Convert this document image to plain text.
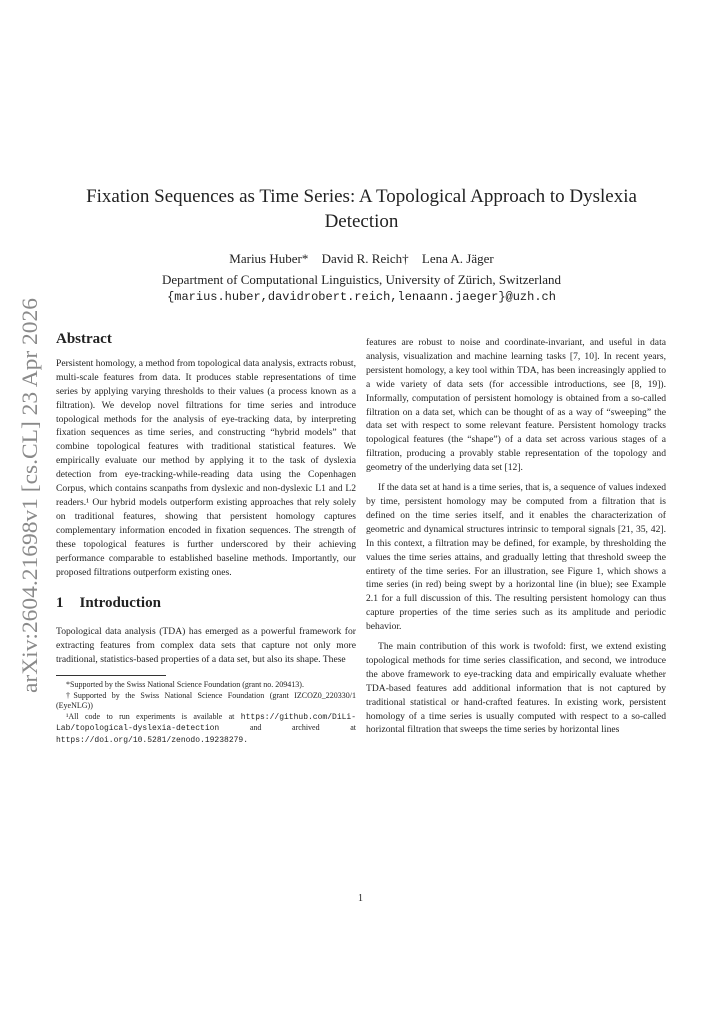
arXiv:2604.21698v1 [cs.CL] 23 Apr 2026
Fixation Sequences as Time Series: A Topological Approach to Dyslexia Detection
Marius Huber* David R. Reich† Lena A. Jäger
Department of Computational Linguistics, University of Zürich, Switzerland
{marius.huber,davidrobert.reich,lenaann.jaeger}@uzh.ch
Abstract

Persistent homology, a method from topological data analysis, extracts robust, multi-scale features from data. It produces stable representations of time series by applying varying thresholds to their values (a process known as a filtration). We develop novel filtrations for time series and introduce topological methods for the analysis of eye-tracking data, by interpreting fixation sequences as time series, and constructing “hybrid models” that combine topological features with traditional statistical features. We empirically evaluate our method by applying it to the task of dyslexia detection from eye-tracking-while-reading data using the Copenhagen Corpus, which contains scanpaths from dyslexic and non-dyslexic L1 and L2 readers.¹ Our hybrid models outperform existing approaches that rely solely on traditional features, showing that persistent homology captures complementary information encoded in fixation sequences. The strength of these topological features is further underscored by their achieving performance comparable to established baseline methods. Importantly, our proposed filtrations outperform existing ones.

1 Introduction

Topological data analysis (TDA) has emerged as a powerful framework for extracting features from complex data sets that capture not only more traditional, statistics-based properties of a data set, but also its shape. These

*Supported by the Swiss National Science Foundation (grant no. 209413).
†Supported by the Swiss National Science Foundation (grant IZCOZ0_220330/1 (EyeNLG))
¹All code to run experiments is available at https://github.com/DiLi-Lab/topological-dyslexia-detection	and archived at https://doi.org/10.5281/zenodo.19238279.

features are robust to noise and coordinate-invariant, and useful in data analysis, visualization and machine learning tasks [7, 10]. In recent years, persistent homology, a key tool within TDA, has been increasingly applied to a wide variety of data sets (for accessible introductions, see [8, 19]). Informally, computation of persistent homology is obtained from a so-called filtration on a data set, which can be thought of as a way of “sweeping” the data set with respect to some relevant feature. Persistent homology tracks topological features (the “shape”) of a data set across various stages of a filtration, producing a provably stable representation of the topology and geometry of the underlying data set [12].

If the data set at hand is a time series, that is, a sequence of values indexed by time, persistent homology may be computed from a filtration that is defined on the time series itself, and it enables the characterization of geometric and dynamical structures intrinsic to temporal signals [21, 35, 42]. In this context, a filtration may be defined, for example, by thresholding the values the time series attains, and gradually letting that threshold sweep the entirety of the time series. For an illustration, see Figure 1, which shows a time series (in red) being swept by a horizontal line (in blue); see Example 2.1 for a full discussion of this. The resulting persistent homology can thus capture properties of the time series such as its amplitude and periodic behavior.

The main contribution of this work is twofold: first, we extend existing topological methods for time series classification, and second, we introduce the above framework to eye-tracking data and empirically evaluate whether TDA-based features add additional information that is not captured by traditional statistical or hand-crafted features. In existing work, persistent homology of a time series is usually computed with respect to a so-called horizontal filtration that sweeps the time series by horizontal lines

1
